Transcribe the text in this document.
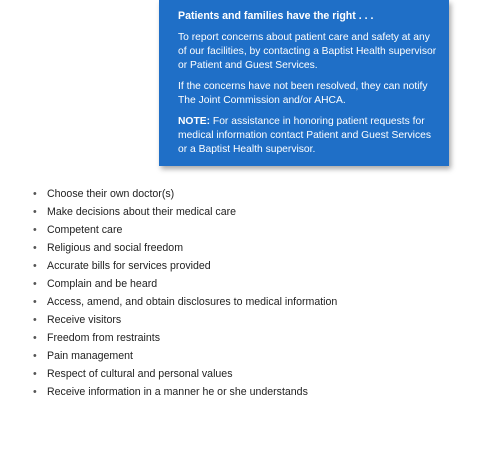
Patients and families have the right . . .

To report concerns about patient care and safety at any of our facilities, by contacting a Baptist Health supervisor or Patient and Guest Services.

If the concerns have not been resolved, they can notify The Joint Commission and/or AHCA.

NOTE: For assistance in honoring patient requests for medical information contact Patient and Guest Services or a Baptist Health supervisor.

• Choose their own doctor(s)
• Make decisions about their medical care
• Competent care
• Religious and social freedom
• Accurate bills for services provided
• Complain and be heard
• Access, amend, and obtain disclosures to medical information
• Receive visitors
• Freedom from restraints
• Pain management
• Respect of cultural and personal values
• Receive information in a manner he or she understands
